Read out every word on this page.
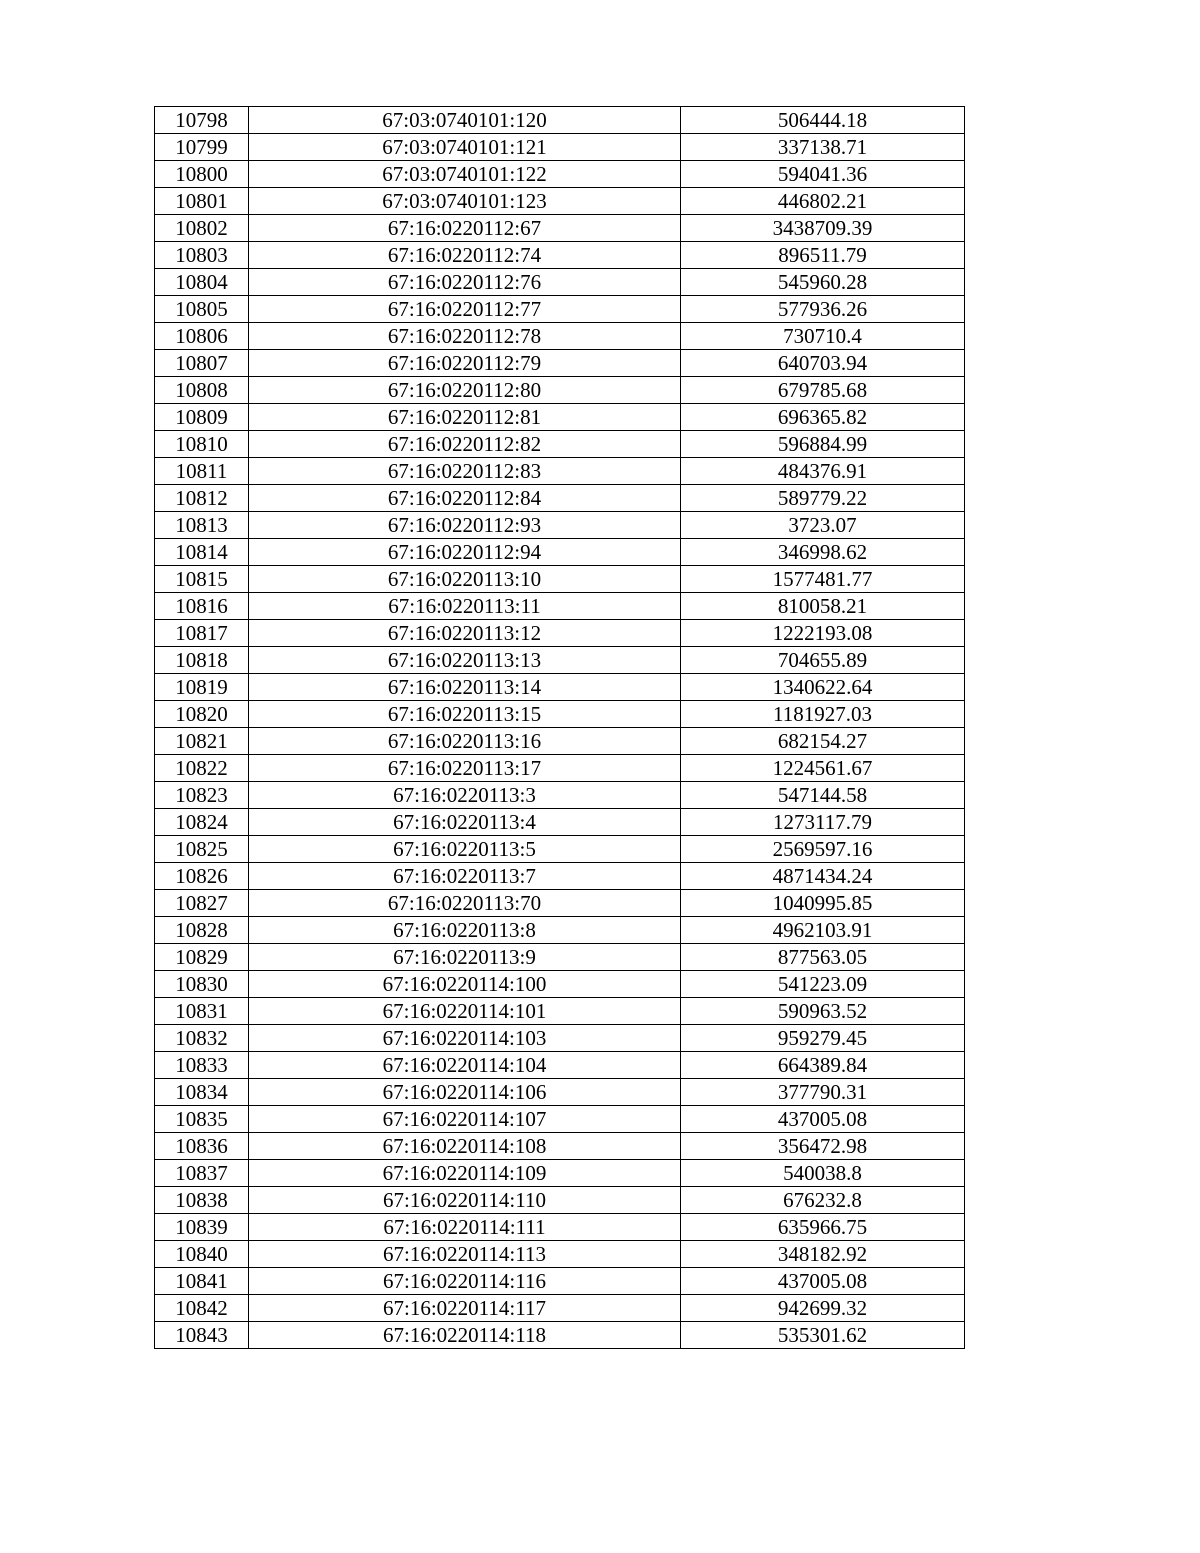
10798	67:03:0740101:120	506444.18
10799	67:03:0740101:121	337138.71
10800	67:03:0740101:122	594041.36
10801	67:03:0740101:123	446802.21
10802	67:16:0220112:67	3438709.39
10803	67:16:0220112:74	896511.79
10804	67:16:0220112:76	545960.28
10805	67:16:0220112:77	577936.26
10806	67:16:0220112:78	730710.4
10807	67:16:0220112:79	640703.94
10808	67:16:0220112:80	679785.68
10809	67:16:0220112:81	696365.82
10810	67:16:0220112:82	596884.99
10811	67:16:0220112:83	484376.91
10812	67:16:0220112:84	589779.22
10813	67:16:0220112:93	3723.07
10814	67:16:0220112:94	346998.62
10815	67:16:0220113:10	1577481.77
10816	67:16:0220113:11	810058.21
10817	67:16:0220113:12	1222193.08
10818	67:16:0220113:13	704655.89
10819	67:16:0220113:14	1340622.64
10820	67:16:0220113:15	1181927.03
10821	67:16:0220113:16	682154.27
10822	67:16:0220113:17	1224561.67
10823	67:16:0220113:3	547144.58
10824	67:16:0220113:4	1273117.79
10825	67:16:0220113:5	2569597.16
10826	67:16:0220113:7	4871434.24
10827	67:16:0220113:70	1040995.85
10828	67:16:0220113:8	4962103.91
10829	67:16:0220113:9	877563.05
10830	67:16:0220114:100	541223.09
10831	67:16:0220114:101	590963.52
10832	67:16:0220114:103	959279.45
10833	67:16:0220114:104	664389.84
10834	67:16:0220114:106	377790.31
10835	67:16:0220114:107	437005.08
10836	67:16:0220114:108	356472.98
10837	67:16:0220114:109	540038.8
10838	67:16:0220114:110	676232.8
10839	67:16:0220114:111	635966.75
10840	67:16:0220114:113	348182.92
10841	67:16:0220114:116	437005.08
10842	67:16:0220114:117	942699.32
10843	67:16:0220114:118	535301.62
